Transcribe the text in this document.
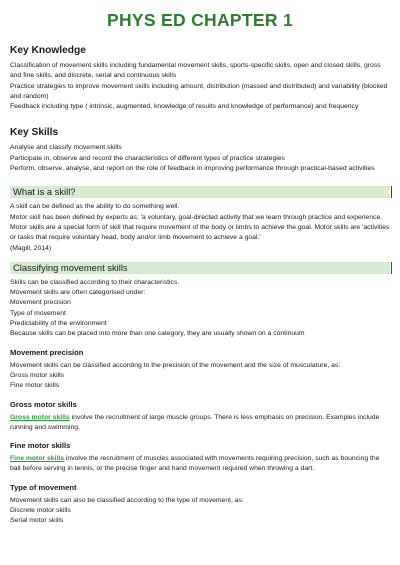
PHYS ED CHAPTER 1
Key Knowledge

Classification of movement skills including fundamental movement skills, sports-specific skills, open and closed skills, gross and fine skills, and discrete, serial and continuous skills

Practice strategies to improve movement skills including amount, distribution (massed and distributed) and variability (blocked and random)

Feedback including type ( intrinsic, augmented, knowledge of results and knowledge of performance) and frequency

Key Skills

Analyse and classify movement skills

Participate in, observe and record the characteristics of different types of practice strategies

Perform, observe, analyse, and report on the role of feedback in improving performance through practical-based activities

What is a skill?

A skill can be defined as the ability to do something well.

Motor skill has been defined by experts as; 'a voluntary, goal-directed activity that we learn through practice and experience. Motor skills are a special form of skill that require movement of the body or limbs to achieve the goal. Motor skills are 'activities or tasks that require voluntary head, body and/or limb movement to achieve a goal.'

(Magill, 2014)

Classifying movement skills

Skills can be classified according to their characteristics.

Movement skills are often categorised under:

Movement precision

Type of movement

Predictability of the environment

Because skills can be placed into more than one category, they are usually shown on a continuum

Movement precision

Movement skills can be classified according to the precision of the movement and the size of musculature, as:

Gross motor skills

Fine motor skills

Gross motor skills

Gross motor skills involve the recruitment of large muscle groups. There is less emphasis on precision. Examples include running and swimming.

Fine motor skills

Fine motor skills involve the recruitment of muscles associated with movements requiring precision, such as bouncing the ball before serving in tennis, or the precise finger and hand movement required when throwing a dart.

Type of movement

Movement skills can also be classified according to the type of movement, as:

Discrete motor skills

Serial motor skills
